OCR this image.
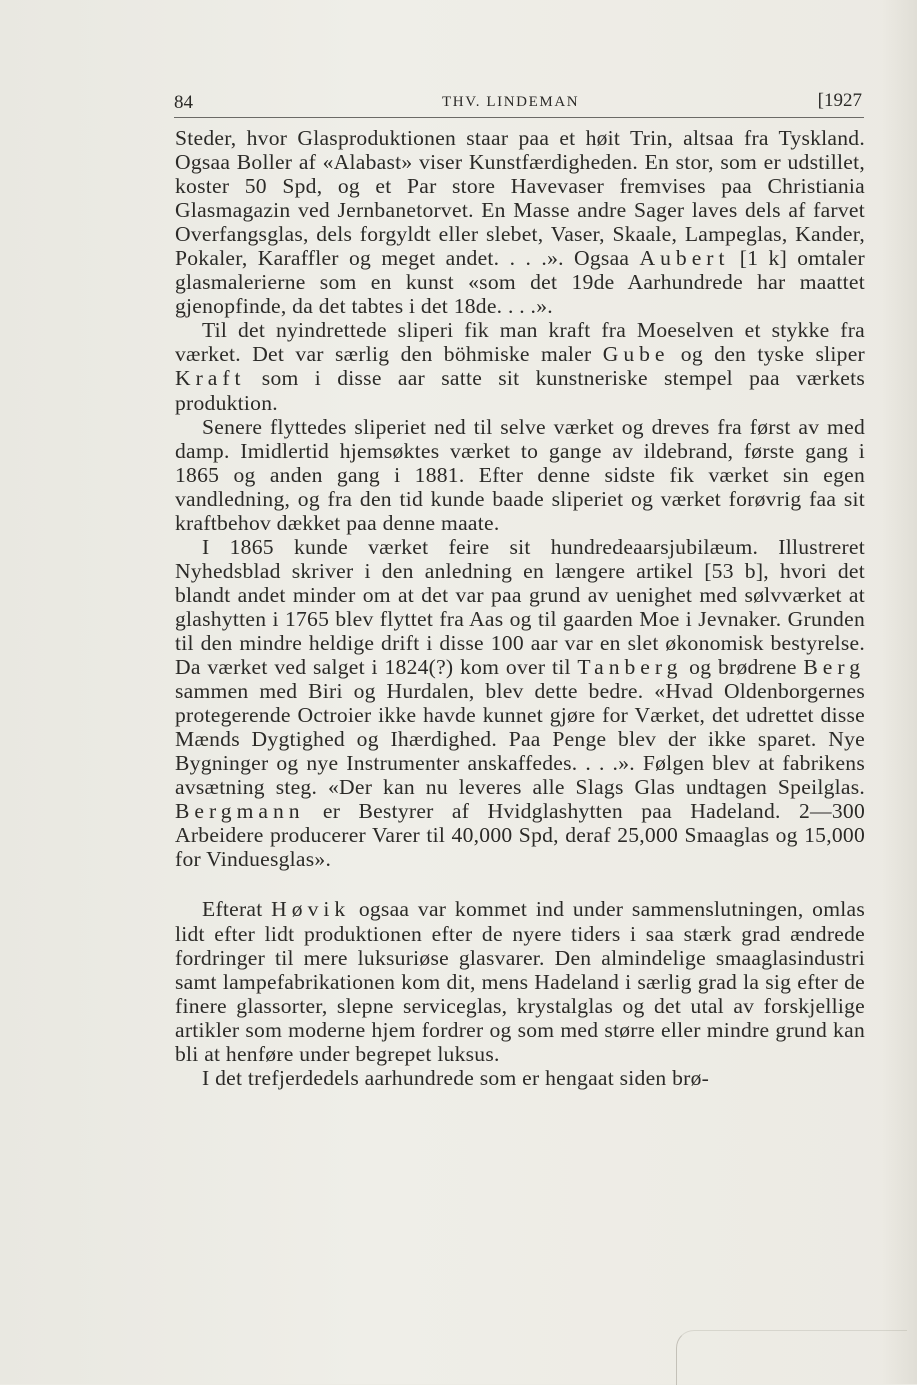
84	THV. LINDEMAN	[1927

Steder, hvor Glasproduktionen staar paa et høit Trin, altsaa fra Tyskland. Ogsaa Boller af «Alabast» viser Kunstfærdigheden. En stor, som er udstillet, koster 50 Spd, og et Par store Havevaser fremvises paa Christiania Glasmagazin ved Jernbanetorvet. En Masse andre Sager laves dels af farvet Overfangsglas, dels forgyldt eller slebet, Vaser, Skaale, Lampeglas, Kander, Pokaler, Karaffler og meget andet. . . .». Ogsaa Aubert [1 k] omtaler glasmalerierne som en kunst «som det 19de Aarhundrede har maattet gjenopfinde, da det tabtes i det 18de. . . .».

Til det nyindrettede sliperi fik man kraft fra Moeselven et stykke fra værket. Det var særlig den böhmiske maler Gube og den tyske sliper Kraft som i disse aar satte sit kunstneriske stempel paa værkets produktion.

Senere flyttedes sliperiet ned til selve værket og dreves fra først av med damp. Imidlertid hjemsøktes værket to gange av ildebrand, første gang i 1865 og anden gang i 1881. Efter denne sidste fik værket sin egen vandledning, og fra den tid kunde baade sliperiet og værket forøvrig faa sit kraftbehov dækket paa denne maate.

I 1865 kunde værket feire sit hundredeaarsjubilæum. Illustreret Nyhedsblad skriver i den anledning en længere artikel [53 b], hvori det blandt andet minder om at det var paa grund av uenighet med sølvværket at glashytten i 1765 blev flyttet fra Aas og til gaarden Moe i Jevnaker. Grunden til den mindre heldige drift i disse 100 aar var en slet økonomisk bestyrelse. Da værket ved salget i 1824(?) kom over til Tanberg og brødrene Berg sammen med Biri og Hurdalen, blev dette bedre. «Hvad Oldenborgernes protegerende Octroier ikke havde kunnet gjøre for Værket, det udrettet disse Mænds Dygtighed og Ihærdighed. Paa Penge blev der ikke sparet. Nye Bygninger og nye Instrumenter anskaffedes. . . .». Følgen blev at fabrikens avsætning steg. «Der kan nu leveres alle Slags Glas undtagen Speilglas. Bergmann er Bestyrer af Hvidglashytten paa Hadeland. 2—300 Arbeidere producerer Varer til 40,000 Spd, deraf 25,000 Smaaglas og 15,000 for Vinduesglas».

Efterat Høvik ogsaa var kommet ind under sammenslutningen, omlas lidt efter lidt produktionen efter de nyere tiders i saa stærk grad ændrede fordringer til mere luksuriøse glasvarer. Den almindelige smaaglasindustri samt lampefabrikationen kom dit, mens Hadeland i særlig grad la sig efter de finere glassorter, slepne serviceglas, krystalglas og det utal av forskjellige artikler som moderne hjem fordrer og som med større eller mindre grund kan bli at henføre under begrepet luksus.

I det trefjerdedels aarhundrede som er hengaat siden brø-
